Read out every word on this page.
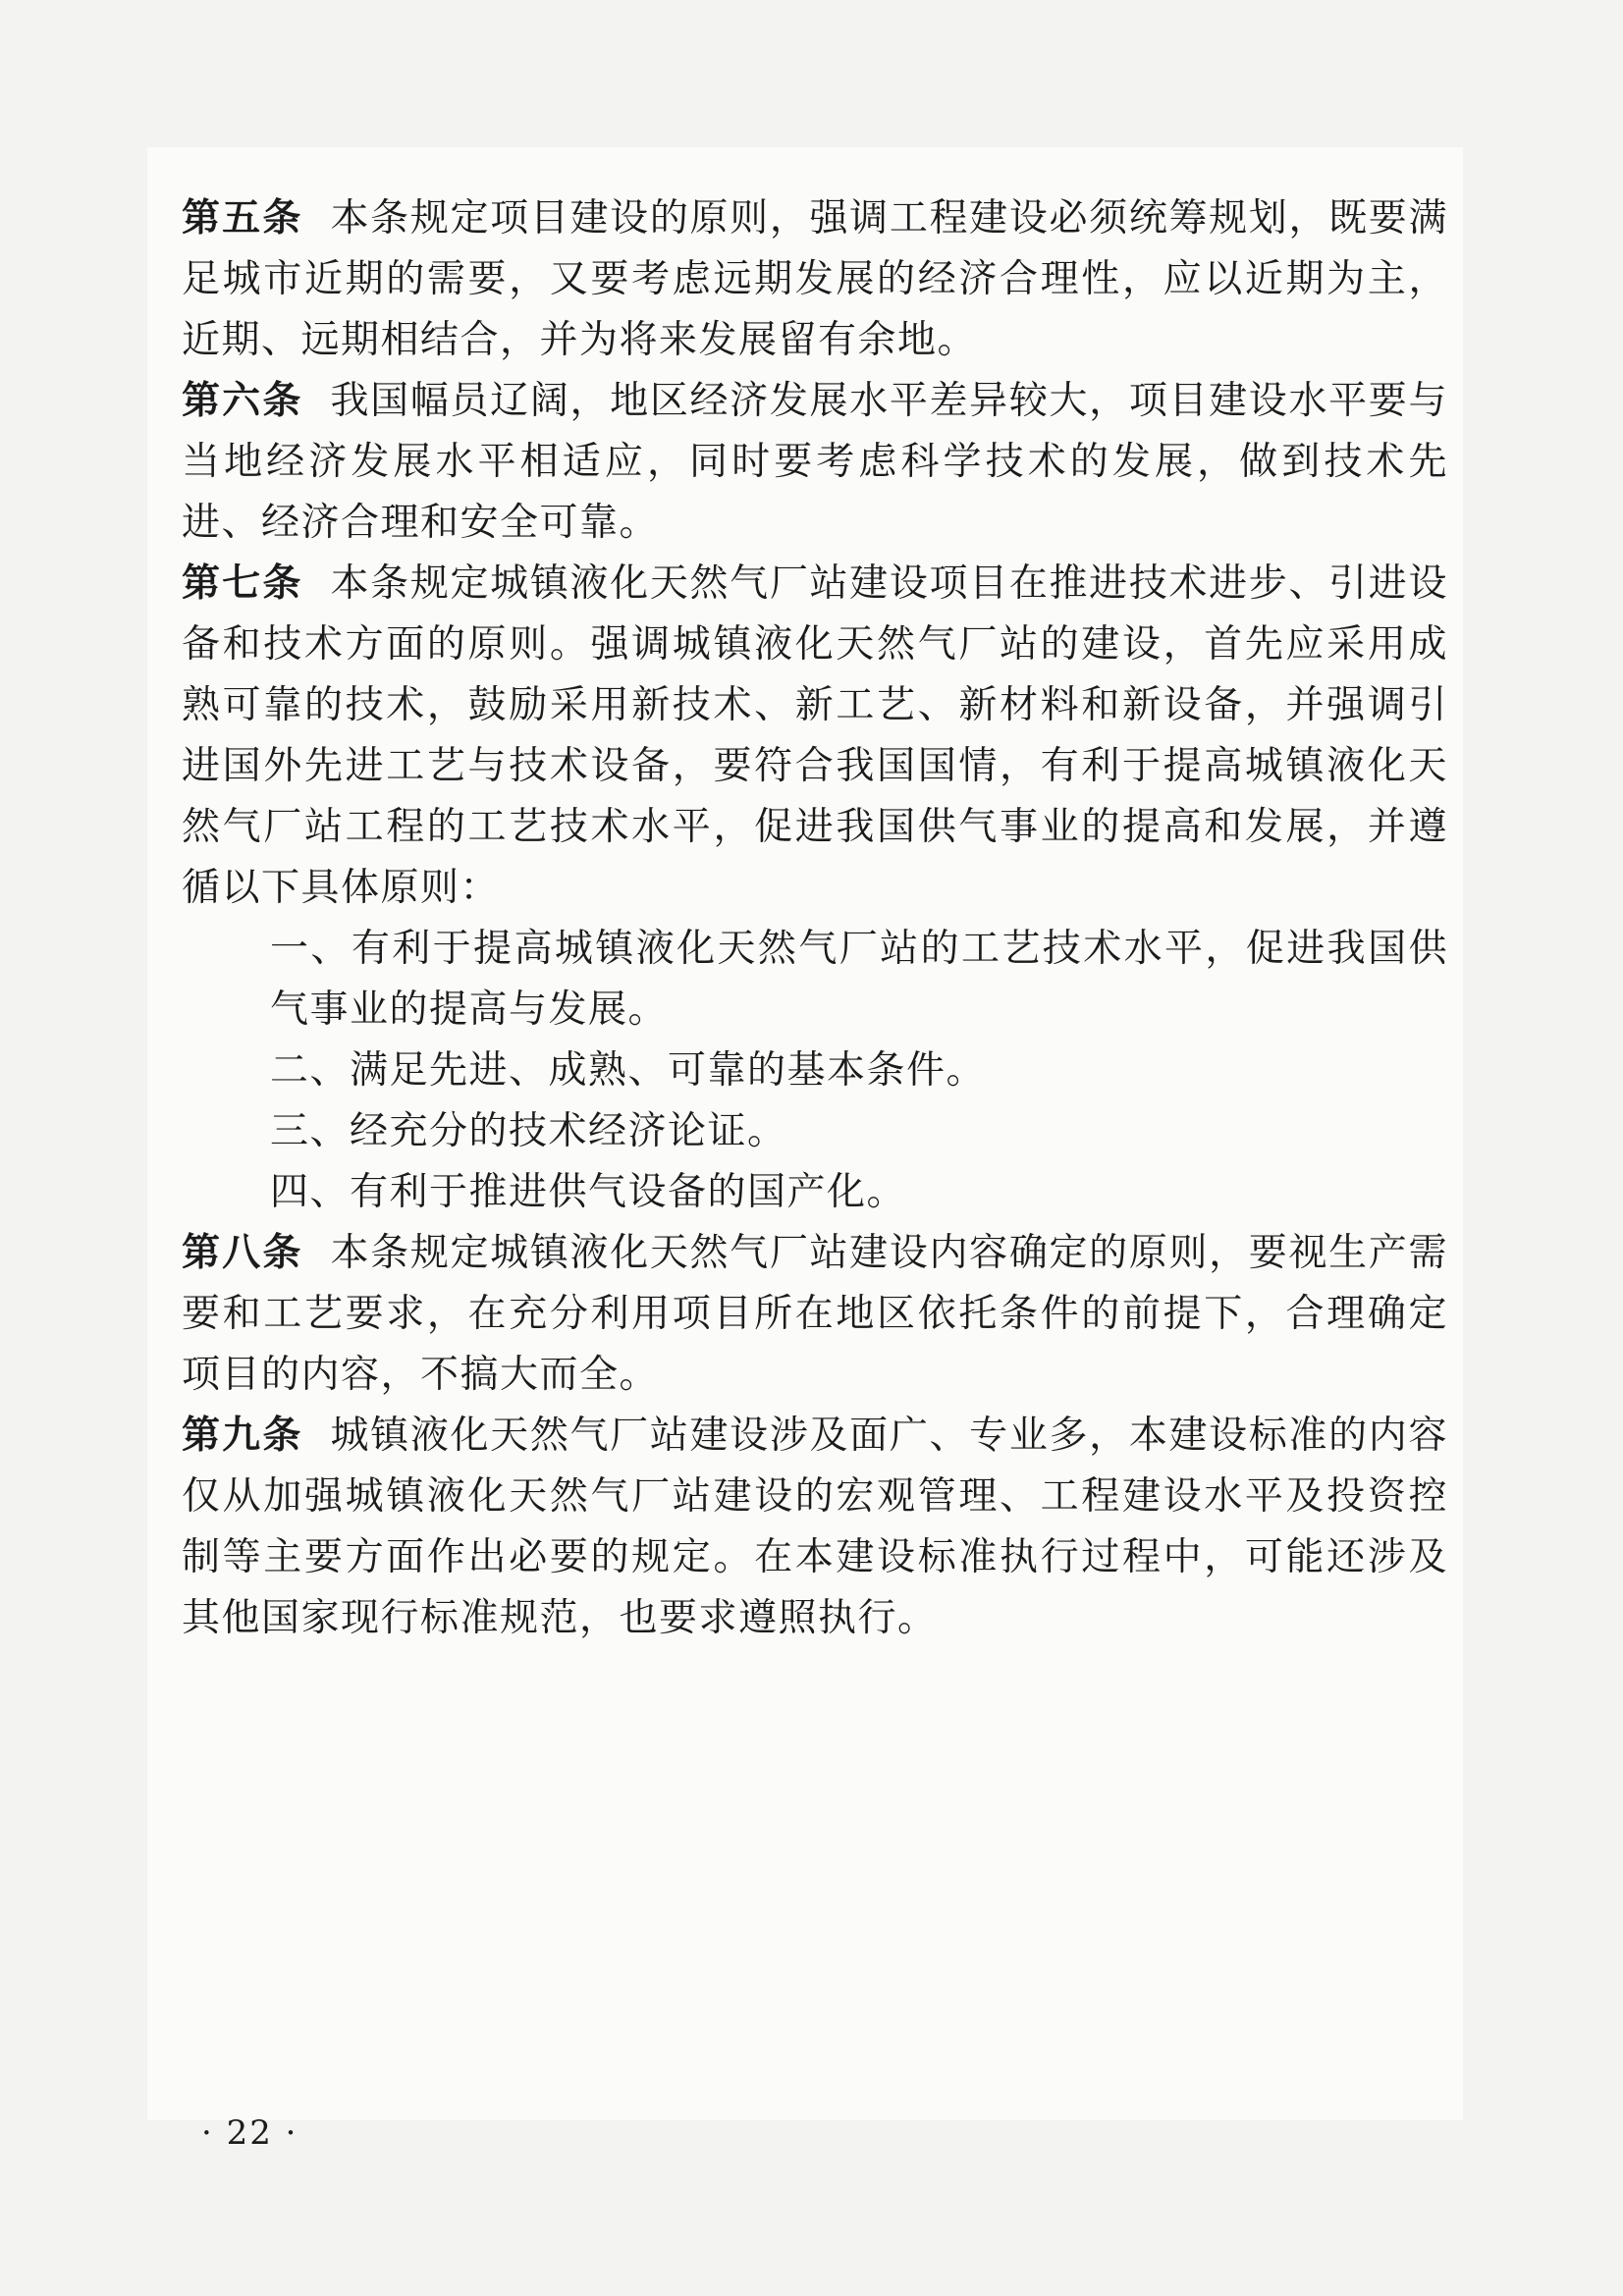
第五条 本条规定项目建设的原则，强调工程建设必须统筹规划，既要满足城市近期的需要，又要考虑远期发展的经济合理性，应以近期为主，近期、远期相结合，并为将来发展留有余地。

第六条 我国幅员辽阔，地区经济发展水平差异较大，项目建设水平要与当地经济发展水平相适应，同时要考虑科学技术的发展，做到技术先进、经济合理和安全可靠。

第七条 本条规定城镇液化天然气厂站建设项目在推进技术进步、引进设备和技术方面的原则。强调城镇液化天然气厂站的建设，首先应采用成熟可靠的技术，鼓励采用新技术、新工艺、新材料和新设备，并强调引进国外先进工艺与技术设备，要符合我国国情，有利于提高城镇液化天然气厂站工程的工艺技术水平，促进我国供气事业的提高和发展，并遵循以下具体原则：

一、有利于提高城镇液化天然气厂站的工艺技术水平，促进我国供气事业的提高与发展。

二、满足先进、成熟、可靠的基本条件。

三、经充分的技术经济论证。

四、有利于推进供气设备的国产化。

第八条 本条规定城镇液化天然气厂站建设内容确定的原则，要视生产需要和工艺要求，在充分利用项目所在地区依托条件的前提下，合理确定项目的内容，不搞大而全。

第九条 城镇液化天然气厂站建设涉及面广、专业多，本建设标准的内容仅从加强城镇液化天然气厂站建设的宏观管理、工程建设水平及投资控制等主要方面作出必要的规定。在本建设标准执行过程中，可能还涉及其他国家现行标准规范，也要求遵照执行。

· 22 ·
